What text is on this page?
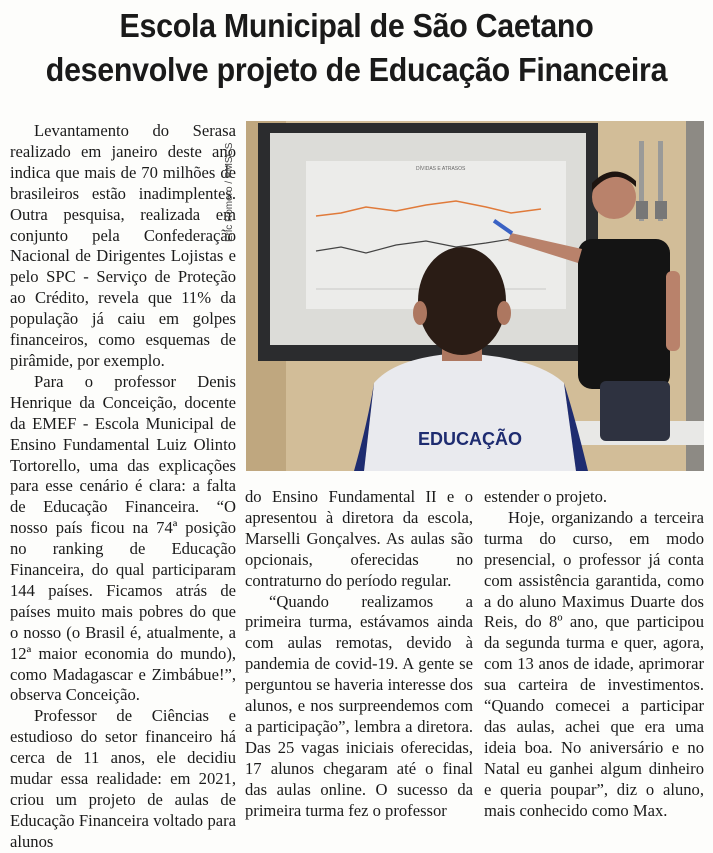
Escola Municipal de São Caetano
desenvolve projeto de Educação Financeira

Levantamento do Serasa realizado em janeiro deste ano indica que mais de 70 milhões de brasileiros estão inadimplentes. Outra pesquisa, realizada em conjunto pela Confederação Nacional de Dirigentes Lojistas e pelo SPC - Serviço de Proteção ao Crédito, revela que 11% da população já caiu em golpes financeiros, como esquemas de pirâmide, por exemplo.

Para o professor Denis Henrique da Conceição, docente da EMEF - Escola Municipal de Ensino Fundamental Luiz Olinto Tortorello, uma das explicações para esse cenário é clara: a falta de Educação Financeira. “O nosso país ficou na 74ª posição no ranking de Educação Financeira, do qual participaram 144 países. Ficamos atrás de países muito mais pobres do que o nosso (o Brasil é, atualmente, a 12ª maior economia do mundo), como Madagascar e Zimbábue!”, observa Conceição.

Professor de Ciências e estudioso do setor financeiro há cerca de 11 anos, ele decidiu mudar essa realidade: em 2021, criou um projeto de aulas de Educação Financeira voltado para alunos

Eric Romero / PMSCS	DÍVIDAS E ATRASOS
EDUCAÇÃO

do Ensino Fundamental II e o apresentou à diretora da escola, Marselli Gonçalves. As aulas são opcionais, oferecidas no contraturno do período regular.

“Quando realizamos a primeira turma, estávamos ainda com aulas remotas, devido à pandemia de covid-19. A gente se perguntou se haveria interesse dos alunos, e nos surpreendemos com a participação”, lembra a diretora. Das 25 vagas iniciais oferecidas, 17 alunos chegaram até o final das aulas online. O sucesso da primeira turma fez o professor

estender o projeto.

Hoje, organizando a terceira turma do curso, em modo presencial, o professor já conta com assistência garantida, como a do aluno Maximus Duarte dos Reis, do 8º ano, que participou da segunda turma e quer, agora, com 13 anos de idade, aprimorar sua carteira de investimentos. “Quando comecei a participar das aulas, achei que era uma ideia boa. No aniversário e no Natal eu ganhei algum dinheiro e queria poupar”, diz o aluno, mais conhecido como Max.
